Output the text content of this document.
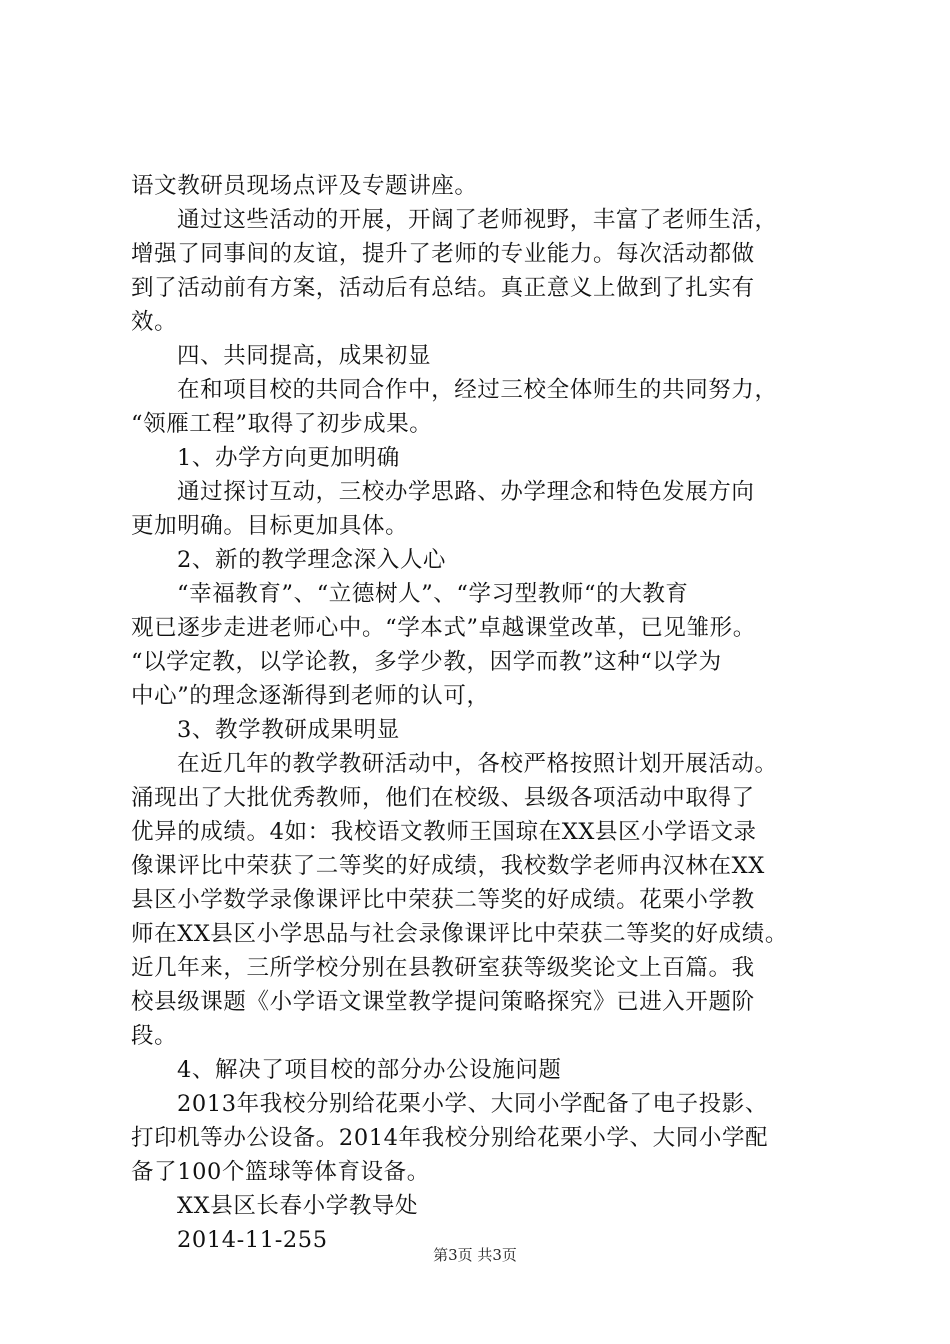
语文教研员现场点评及专题讲座。

通过这些活动的开展，开阔了老师视野，丰富了老师生活，

增强了同事间的友谊，提升了老师的专业能力。每次活动都做

到了活动前有方案，活动后有总结。真正意义上做到了扎实有

效。

四、共同提高，成果初显

在和项目校的共同合作中，经过三校全体师生的共同努力，

“领雁工程”取得了初步成果。

1、办学方向更加明确

通过探讨互动，三校办学思路、办学理念和特色发展方向

更加明确。目标更加具体。

2、新的教学理念深入人心

“幸福教育”、“立德树人”、“学习型教师“的大教育

观已逐步走进老师心中。“学本式”卓越课堂改革，已见雏形。

“以学定教，以学论教，多学少教，因学而教”这种“以学为

中心”的理念逐渐得到老师的认可，

3、教学教研成果明显

在近几年的教学教研活动中，各校严格按照计划开展活动。

涌现出了大批优秀教师，他们在校级、县级各项活动中取得了

优异的成绩。4如：我校语文教师王国琼在XX县区小学语文录

像课评比中荣获了二等奖的好成绩，我校数学老师冉汉林在XX

县区小学数学录像课评比中荣获二等奖的好成绩。花栗小学教

师在XX县区小学思品与社会录像课评比中荣获二等奖的好成绩。

近几年来，三所学校分别在县教研室获等级奖论文上百篇。我

校县级课题《小学语文课堂教学提问策略探究》已进入开题阶

段。

4、解决了项目校的部分办公设施问题

2013年我校分别给花栗小学、大同小学配备了电子投影、

打印机等办公设备。2014年我校分别给花栗小学、大同小学配

备了100个篮球等体育设备。

XX县区长春小学教导处

2014-11-255

第3页 共3页
